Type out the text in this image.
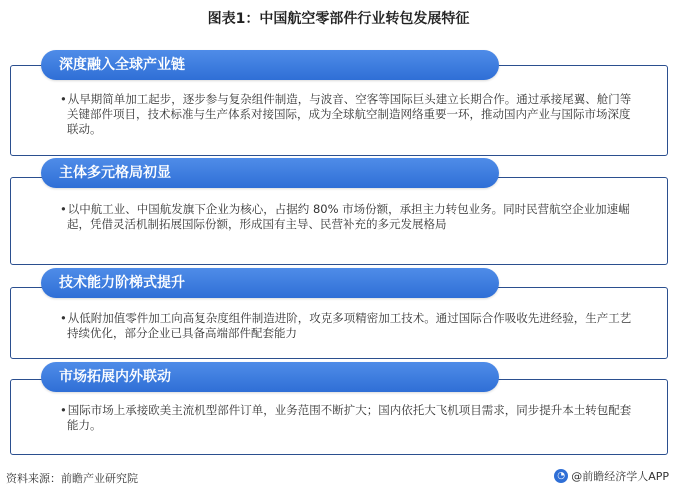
图表1：中国航空零部件行业转包发展特征
深度融入全球产业链
•从早期简单加工起步，逐步参与复杂组件制造，与波音、空客等国际巨头建立长期合作。通过承接尾翼、舱门等关键部件项目，技术标准与生产体系对接国际，成为全球航空制造网络重要一环，推动国内产业与国际市场深度联动。
主体多元格局初显
•以中航工业、中国航发旗下企业为核心，占据约 80% 市场份额，承担主力转包业务。同时民营航空企业加速崛起，凭借灵活机制拓展国际份额，形成国有主导、民营补充的多元发展格局
技术能力阶梯式提升
•从低附加值零件加工向高复杂度组件制造进阶，攻克多项精密加工技术。通过国际合作吸收先进经验，生产工艺持续优化，部分企业已具备高端部件配套能力
市场拓展内外联动
•国际市场上承接欧美主流机型部件订单，业务范围不断扩大；国内依托大飞机项目需求，同步提升本土转包配套能力。
资料来源：前瞻产业研究院	◔ @前瞻经济学人APP
